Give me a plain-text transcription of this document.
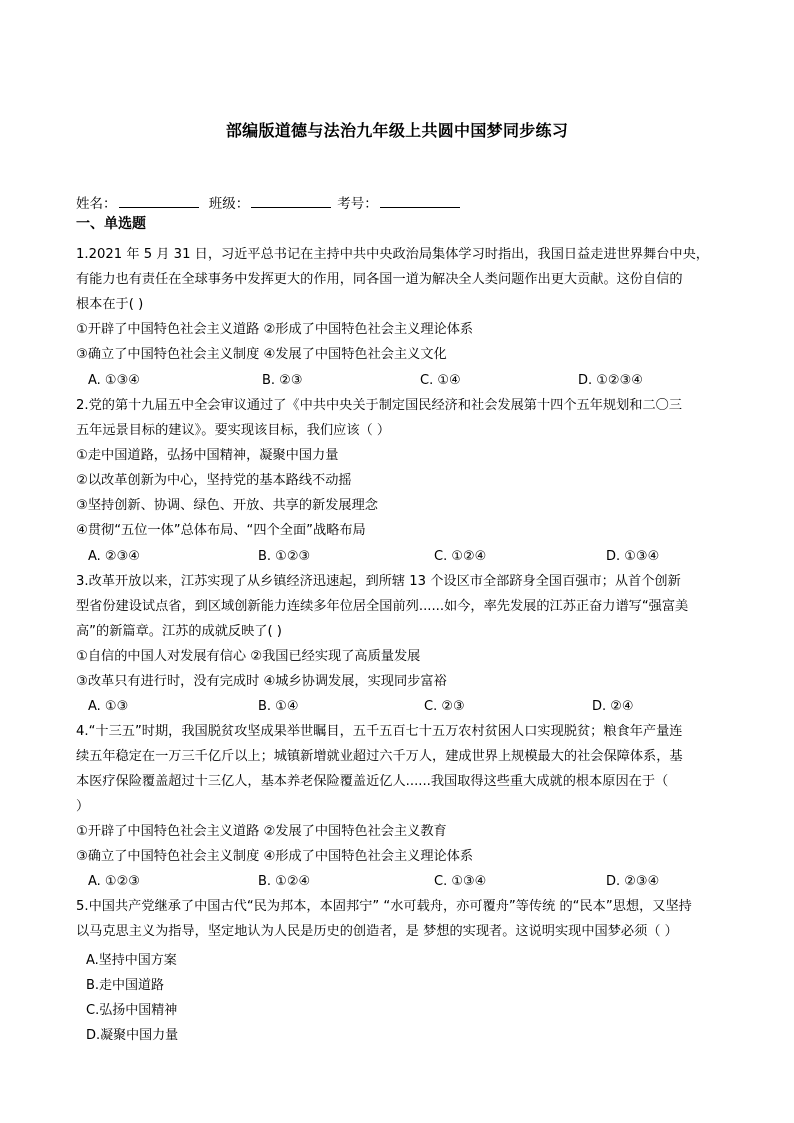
部编版道德与法治九年级上共圆中国梦同步练习
姓名：	班级：	考号：
一、单选题
1.2021 年 5 月 31 日，习近平总书记在主持中共中央政治局集体学习时指出，我国日益走进世界舞台中央，
有能力也有责任在全球事务中发挥更大的作用，同各国一道为解决全人类问题作出更大贡献。这份自信的
根本在于( )
①开辟了中国特色社会主义道路 ②形成了中国特色社会主义理论体系
③确立了中国特色社会主义制度 ④发展了中国特色社会主义文化
A. ①③④	B. ②③	C. ①④	D. ①②③④
2.党的第十九届五中全会审议通过了《中共中央关于制定国民经济和社会发展第十四个五年规划和二〇三
五年远景目标的建议》。要实现该目标，我们应该（ ）
①走中国道路，弘扬中国精神，凝聚中国力量
②以改革创新为中心，坚持党的基本路线不动摇
③坚持创新、协调、绿色、开放、共享的新发展理念
④贯彻“五位一体”总体布局、“四个全面”战略布局
A. ②③④	B. ①②③	C. ①②④	D. ①③④
3.改革开放以来，江苏实现了从乡镇经济迅速起，到所辖 13 个设区市全部跻身全国百强市；从首个创新
型省份建设试点省，到区域创新能力连续多年位居全国前列......如今，率先发展的江苏正奋力谱写“强富美
高”的新篇章。江苏的成就反映了( )
①自信的中国人对发展有信心 ②我国已经实现了高质量发展
③改革只有进行时，没有完成时 ④城乡协调发展，实现同步富裕
A. ①③	B. ①④	C. ②③	D. ②④
4.“十三五”时期，我国脱贫攻坚成果举世瞩目，五千五百七十五万农村贫困人口实现脱贫；粮食年产量连
续五年稳定在一万三千亿斤以上；城镇新增就业超过六千万人，建成世界上规模最大的社会保障体系，基
本医疗保险覆盖超过十三亿人，基本养老保险覆盖近亿人......我国取得这些重大成就的根本原因在于（
）
①开辟了中国特色社会主义道路 ②发展了中国特色社会主义教育
③确立了中国特色社会主义制度 ④形成了中国特色社会主义理论体系
A. ①②③	B. ①②④	C. ①③④	D. ②③④
5.中国共产党继承了中国古代“民为邦本，本固邦宁” “水可载舟，亦可覆舟”等传统 的“民本”思想，又坚持
以马克思主义为指导，坚定地认为人民是历史的创造者，是 梦想的实现者。这说明实现中国梦必须（ ）
A.坚持中国方案
B.走中国道路
C.弘扬中国精神
D.凝聚中国力量
